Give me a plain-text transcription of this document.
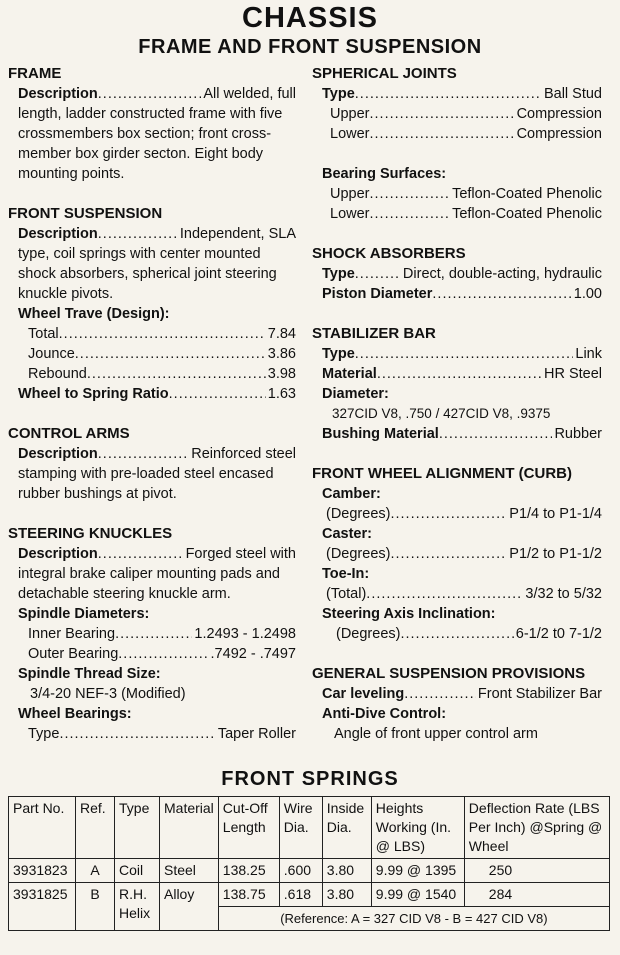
CHASSIS
FRAME AND FRONT SUSPENSION
FRAME
Description .....	All welded, full
length, ladder constructed frame with five crossmembers box section; front cross-member box girder secton. Eight body mounting points.
FRONT SUSPENSION
Description .....	Independent, SLA
type, coil springs with center mounted shock absorbers, spherical joint steering knuckle pivots.
Wheel Trave (Design):
Total .....	7.84
Jounce .....	3.86
Rebound .....	3.98
Wheel to Spring Ratio .....	1.63
CONTROL ARMS
Description .....	Reinforced steel
stamping with pre-loaded steel encased rubber bushings at pivot.
STEERING KNUCKLES
Description .....	Forged steel with
integral brake caliper mounting pads and detachable steering knuckle arm.
Spindle Diameters:
Inner Bearing .....	1.2493 - 1.2498
Outer Bearing .....	.7492 - .7497
Spindle Thread Size:
3/4-20 NEF-3 (Modified)
Wheel Bearings:
Type .....	Taper Roller
SPHERICAL JOINTS
Type .....	Ball Stud
Upper .....	Compression
Lower .....	Compression
Bearing Surfaces:
Upper .....	Teflon-Coated Phenolic
Lower .....	Teflon-Coated Phenolic
SHOCK ABSORBERS
Type .....	Direct, double-acting, hydraulic
Piston Diameter .....	1.00
STABILIZER BAR
Type .....	Link
Material .....	HR Steel
Diameter:
327CID V8, .750 / 427CID V8, .9375
Bushing Material .....	Rubber
FRONT WHEEL ALIGNMENT (CURB)
Camber:
(Degrees) .....	P1/4 to P1-1/4
Caster:
(Degrees) .....	P1/2 to P1-1/2
Toe-In:
(Total) .....	3/32 to 5/32
Steering Axis Inclination:
(Degrees) .....	6-1/2 t0 7-1/2
GENERAL SUSPENSION PROVISIONS
Car leveling .....	Front Stabilizer Bar
Anti-Dive Control:
Angle of front upper control arm
FRONT SPRINGS
Part No.	Ref.	Type	Material	Cut-Off Length	Wire Dia.	Inside Dia.	Heights Working (In. @ LBS)	Deflection Rate (LBS Per Inch) @Spring @ Wheel
3931823	A	Coil	Steel	138.25	.600	3.80	9.99 @ 1395	250
3931825	B	R.H. Helix	Alloy	138.75	.618	3.80	9.99 @ 1540	284
				(Reference: A = 327 CID V8 - B = 427 CID V8)				
